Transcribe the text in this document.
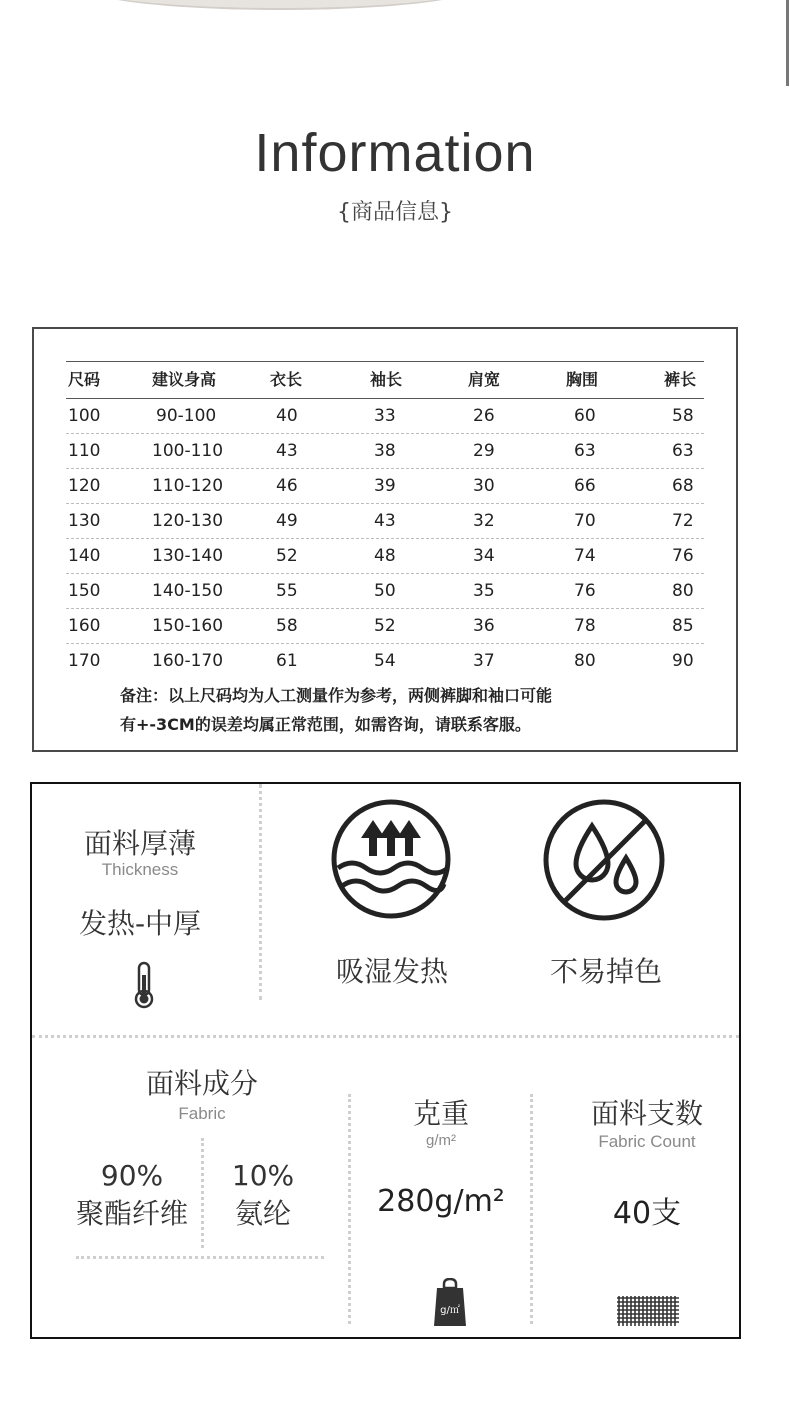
Information
{商品信息}
尺码	建议身高	衣长	袖长	肩宽	胸围	裤长
100	90-100	40	33	26	60	58
110	100-110	43	38	29	63	63
120	110-120	46	39	30	66	68
130	120-130	49	43	32	70	72
140	130-140	52	48	34	74	76
150	140-150	55	50	35	76	80
160	150-160	58	52	36	78	85
170	160-170	61	54	37	80	90
备注：以上尺码均为人工测量作为参考，两侧裤脚和袖口可能
有+-3CM的误差均属正常范围，如需咨询，请联系客服。
面料厚薄
Thickness
发热-中厚
吸湿发热	不易掉色
面料成分
Fabric
90%
聚酯纤维
10%
氨纶
克重
g/m²
280g/m²
g/㎡
面料支数
Fabric Count
40支
